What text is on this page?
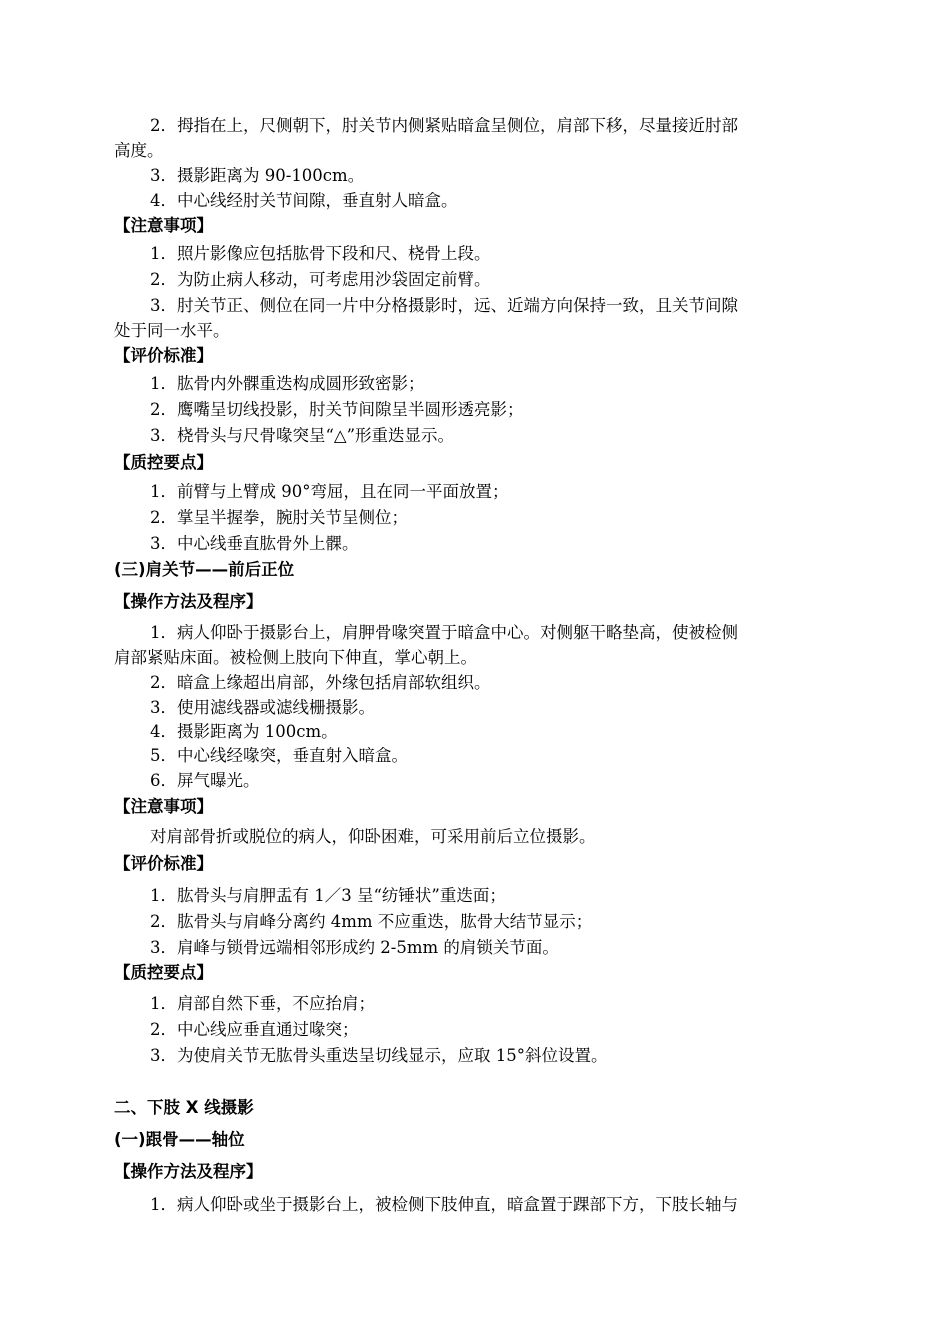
2．拇指在上，尺侧朝下，肘关节内侧紧贴暗盒呈侧位，肩部下移，尽量接近肘部
高度。
3．摄影距离为 90-100cm。
4．中心线经肘关节间隙，垂直射人暗盒。
【注意事项】
1．照片影像应包括肱骨下段和尺、桡骨上段。
2．为防止病人移动，可考虑用沙袋固定前臂。
3．肘关节正、侧位在同一片中分格摄影时，远、近端方向保持一致，且关节间隙
处于同一水平。
【评价标准】
1．肱骨内外髁重迭构成圆形致密影；
2．鹰嘴呈切线投影，肘关节间隙呈半圆形透亮影；
3．桡骨头与尺骨喙突呈“△”形重迭显示。
【质控要点】
1．前臂与上臂成 90°弯屈，且在同一平面放置；
2．掌呈半握拳，腕肘关节呈侧位；
3．中心线垂直肱骨外上髁。
(三)肩关节——前后正位
【操作方法及程序】
1．病人仰卧于摄影台上，肩胛骨喙突置于暗盒中心。对侧躯干略垫高，使被检侧
肩部紧贴床面。被检侧上肢向下伸直，掌心朝上。
2．暗盒上缘超出肩部，外缘包括肩部软组织。
3．使用滤线器或滤线栅摄影。
4．摄影距离为 100cm。
5．中心线经喙突，垂直射入暗盒。
6．屏气曝光。
【注意事项】
对肩部骨折或脱位的病人，仰卧困难，可采用前后立位摄影。
【评价标准】
1．肱骨头与肩胛盂有 1／3 呈“纺锤状”重迭面；
2．肱骨头与肩峰分离约 4mm 不应重迭，肱骨大结节显示；
3．肩峰与锁骨远端相邻形成约 2-5mm 的肩锁关节面。
【质控要点】
1．肩部自然下垂，不应抬肩；
2．中心线应垂直通过喙突；
3．为使肩关节无肱骨头重迭呈切线显示，应取 15°斜位设置。
二、下肢 X 线摄影
(一)跟骨——轴位
【操作方法及程序】
1．病人仰卧或坐于摄影台上，被检侧下肢伸直，暗盒置于踝部下方，下肢长轴与
